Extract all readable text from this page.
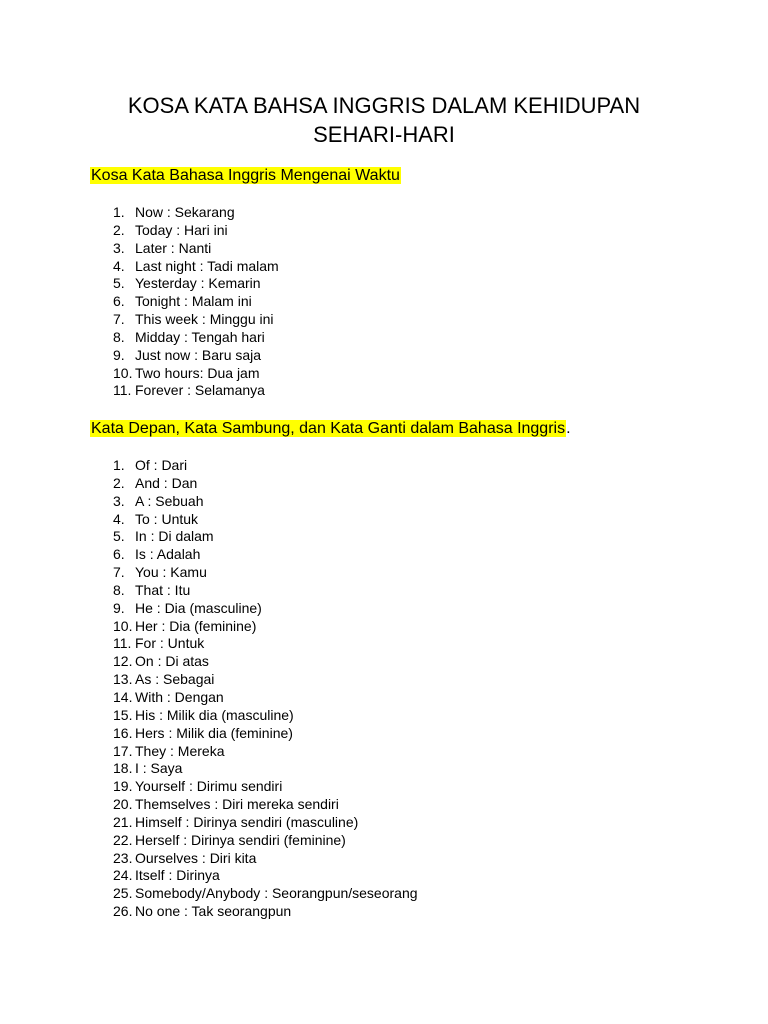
KOSA KATA BAHSA INGGRIS DALAM KEHIDUPAN
SEHARI-HARI
Kosa Kata Bahasa Inggris Mengenai Waktu
1. Now : Sekarang
2. Today : Hari ini
3. Later : Nanti
4. Last night : Tadi malam
5. Yesterday : Kemarin
6. Tonight : Malam ini
7. This week : Minggu ini
8. Midday : Tengah hari
9. Just now : Baru saja
10. Two hours: Dua jam
11. Forever : Selamanya
Kata Depan, Kata Sambung, dan Kata Ganti dalam Bahasa Inggris.
1. Of : Dari
2. And : Dan
3. A : Sebuah
4. To : Untuk
5. In : Di dalam
6. Is : Adalah
7. You : Kamu
8. That : Itu
9. He : Dia (masculine)
10. Her : Dia (feminine)
11. For : Untuk
12. On : Di atas
13. As : Sebagai
14. With : Dengan
15. His : Milik dia (masculine)
16. Hers : Milik dia (feminine)
17. They : Mereka
18. I : Saya
19. Yourself : Dirimu sendiri
20. Themselves : Diri mereka sendiri
21. Himself : Dirinya sendiri (masculine)
22. Herself : Dirinya sendiri (feminine)
23. Ourselves : Diri kita
24. Itself : Dirinya
25. Somebody/Anybody : Seorangpun/seseorang
26. No one : Tak seorangpun
